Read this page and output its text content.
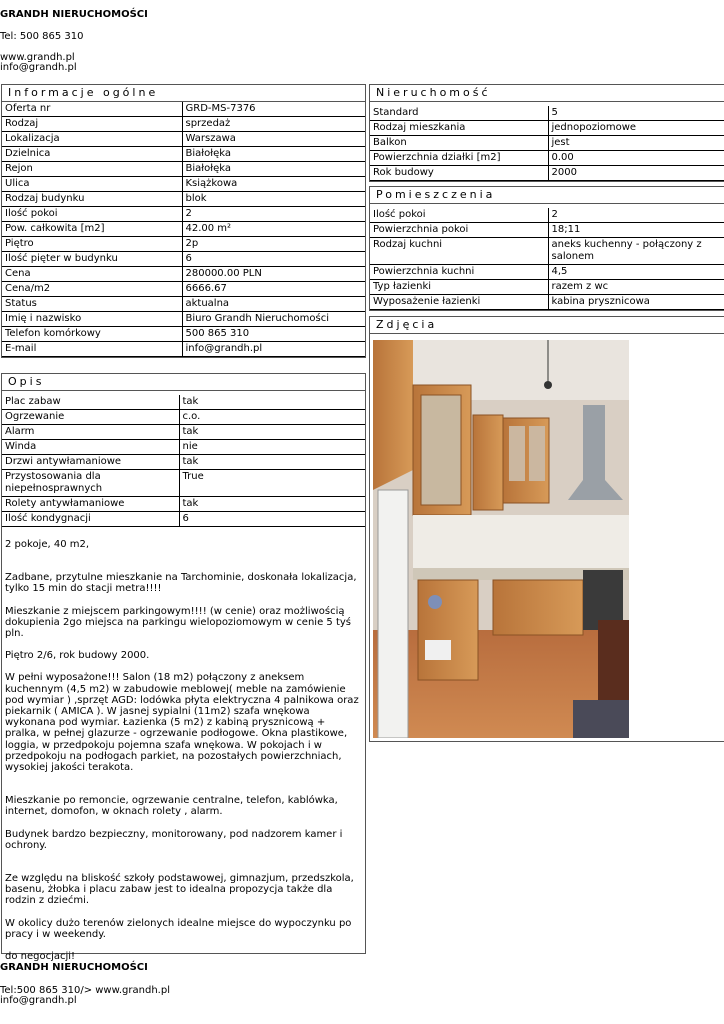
GRANDH NIERUCHOMOŚCI
Tel: 500 865 310
www.grandh.pl
info@grandh.pl
Informacje ogólne
Oferta nr	GRD-MS-7376
Rodzaj	sprzedaż
Lokalizacja	Warszawa
Dzielnica	Białołęka
Rejon	Białołęka
Ulica	Książkowa
Rodzaj budynku	blok
Ilość pokoi	2
Pow. całkowita [m2]	42.00 m²
Piętro	2p
Ilość pięter w budynku	6
Cena	280000.00 PLN
Cena/m2	6666.67
Status	aktualna
Imię i nazwisko	Biuro Grandh Nieruchomości
Telefon komórkowy	500 865 310
E-mail	info@grandh.pl
Opis
Plac zabaw	tak
Ogrzewanie	c.o.
Alarm	tak
Winda	nie
Drzwi antywłamaniowe	tak
Przystosowania dla niepełnosprawnych	True
Rolety antywłamaniowe	tak
Ilość kondygnacji	6

2 pokoje, 40 m2,

Zadbane, przytulne mieszkanie na Tarchominie, doskonała lokalizacja, tylko 15 min do stacji metra!!!!

Mieszkanie z miejscem parkingowym!!!! (w cenie) oraz możliwością dokupienia 2go miejsca na parkingu wielopoziomowym w cenie 5 tyś pln.

Piętro 2/6, rok budowy 2000.

W pełni wyposażone!!! Salon (18 m2) połączony z aneksem kuchennym (4,5 m2) w zabudowie meblowej( meble na zamówienie pod wymiar ) ,sprzęt AGD: lodówka płyta elektryczna 4 palnikowa oraz piekarnik ( AMICA ). W jasnej sypialni (11m2) szafa wnękowa wykonana pod wymiar. Łazienka (5 m2) z kabiną prysznicową + pralka, w pełnej glazurze - ogrzewanie podłogowe. Okna plastikowe, loggia, w przedpokoju pojemna szafa wnękowa. W pokojach i w przedpokoju na podłogach parkiet, na pozostałych powierzchniach, wysokiej jakości terakota.

Mieszkanie po remoncie, ogrzewanie centralne, telefon, kablówka, internet, domofon, w oknach rolety , alarm.

Budynek bardzo bezpieczny, monitorowany, pod nadzorem kamer i ochrony.

Ze względu na bliskość szkoły podstawowej, gimnazjum, przedszkola, basenu, żłobka i placu zabaw jest to idealna propozycja także dla rodzin z dziećmi.

W okolicy dużo terenów zielonych idealne miejsce do wypoczynku po pracy i w weekendy.

do negocjacji!

Nieruchomość
Standard	5
Rodzaj mieszkania	jednopoziomowe
Balkon	jest
Powierzchnia działki [m2]	0.00
Rok budowy	2000
Pomieszczenia
Ilość pokoi	2
Powierzchnia pokoi	18;11
Rodzaj kuchni	aneks kuchenny - połączony z salonem
Powierzchnia kuchni	4,5
Typ łazienki	razem z wc
Wyposażenie łazienki	kabina prysznicowa
Zdjęcia
GRANDH NIERUCHOMOŚCI
Tel:500 865 310/> www.grandh.pl
info@grandh.pl
